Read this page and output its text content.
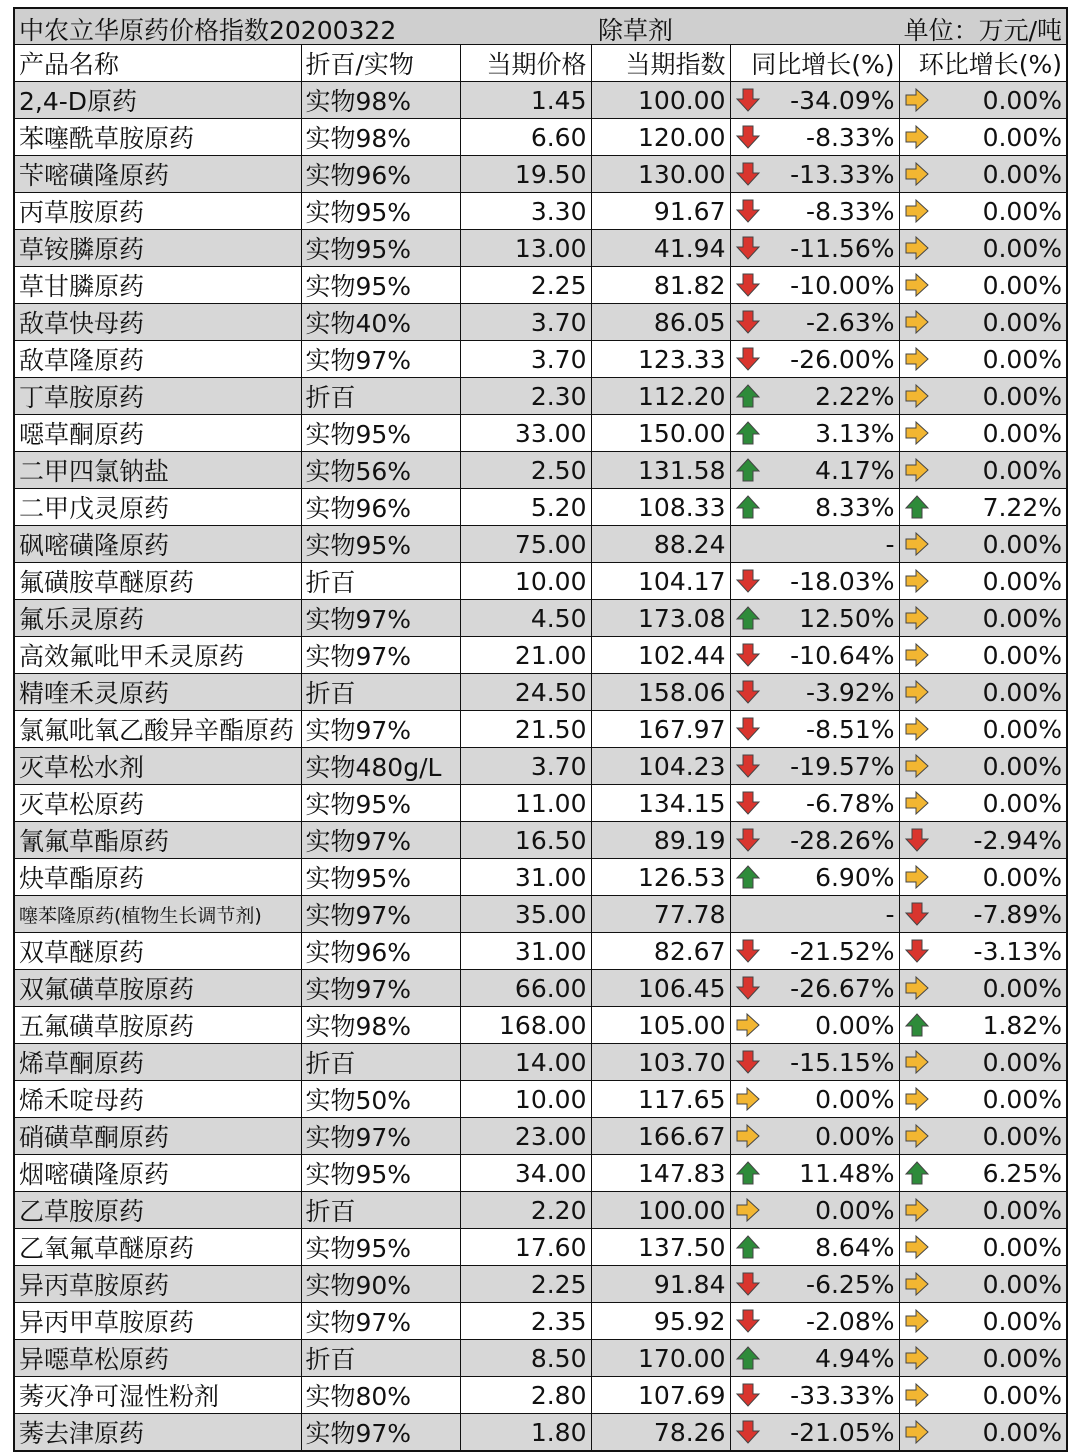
中农立华原药价格指数20200322	除草剂	单位：万元/吨
产品名称	折百/实物	当期价格	当期指数	同比增长(%)	环比增长(%)
2,4-D原药	实物98%	1.45	100.00	-34.09%	0.00%

苯噻酰草胺原药	实物98%	6.60	120.00	-8.33%	0.00%

苄嘧磺隆原药	实物96%	19.50	130.00	-13.33%	0.00%

丙草胺原药	实物95%	3.30	91.67	-8.33%	0.00%

草铵膦原药	实物95%	13.00	41.94	-11.56%	0.00%

草甘膦原药	实物95%	2.25	81.82	-10.00%	0.00%

敌草快母药	实物40%	3.70	86.05	-2.63%	0.00%

敌草隆原药	实物97%	3.70	123.33	-26.00%	0.00%

丁草胺原药	折百	2.30	112.20	2.22%	0.00%

噁草酮原药	实物95%	33.00	150.00	3.13%	0.00%

二甲四氯钠盐	实物56%	2.50	131.58	4.17%	0.00%

二甲戊灵原药	实物96%	5.20	108.33	8.33%	7.22%

砜嘧磺隆原药	实物95%	75.00	88.24	-	0.00%

氟磺胺草醚原药	折百	10.00	104.17	-18.03%	0.00%

氟乐灵原药	实物97%	4.50	173.08	12.50%	0.00%

高效氟吡甲禾灵原药	实物97%	21.00	102.44	-10.64%	0.00%

精喹禾灵原药	折百	24.50	158.06	-3.92%	0.00%

氯氟吡氧乙酸异辛酯原药	实物97%	21.50	167.97	-8.51%	0.00%

灭草松水剂	实物480g/L	3.70	104.23	-19.57%	0.00%

灭草松原药	实物95%	11.00	134.15	-6.78%	0.00%

氰氟草酯原药	实物97%	16.50	89.19	-28.26%	-2.94%

炔草酯原药	实物95%	31.00	126.53	6.90%	0.00%

噻苯隆原药(植物生长调节剂)	实物97%	35.00	77.78	-	-7.89%

双草醚原药	实物96%	31.00	82.67	-21.52%	-3.13%

双氟磺草胺原药	实物97%	66.00	106.45	-26.67%	0.00%

五氟磺草胺原药	实物98%	168.00	105.00	0.00%	1.82%

烯草酮原药	折百	14.00	103.70	-15.15%	0.00%

烯禾啶母药	实物50%	10.00	117.65	0.00%	0.00%

硝磺草酮原药	实物97%	23.00	166.67	0.00%	0.00%

烟嘧磺隆原药	实物95%	34.00	147.83	11.48%	6.25%

乙草胺原药	折百	2.20	100.00	0.00%	0.00%

乙氧氟草醚原药	实物95%	17.60	137.50	8.64%	0.00%

异丙草胺原药	实物90%	2.25	91.84	-6.25%	0.00%

异丙甲草胺原药	实物97%	2.35	95.92	-2.08%	0.00%

异噁草松原药	折百	8.50	170.00	4.94%	0.00%

莠灭净可湿性粉剂	实物80%	2.80	107.69	-33.33%	0.00%

莠去津原药	实物97%	1.80	78.26	-21.05%	0.00%
